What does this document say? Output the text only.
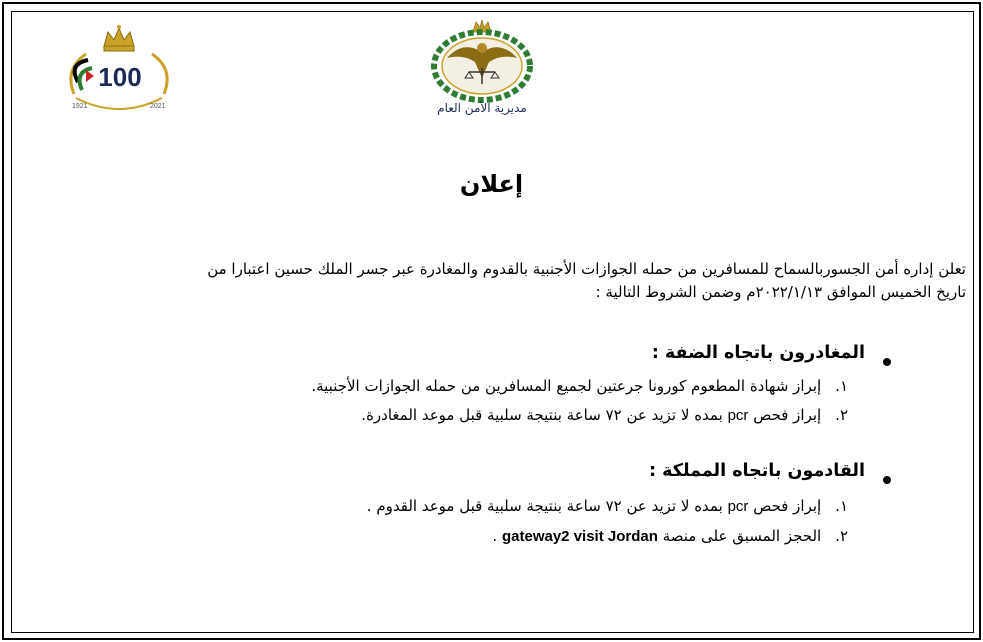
100
1921	2021	مديرية الأمن العام
إعلان

تعلن إداره أمن الجسوربالسماح للمسافرين من حمله الجوازات الأجنبية بالقدوم والمغادرة عبر جسر الملك حسين اعتبارا من

تاريخ الخميس الموافق ٢٠٢٢/١/١٣م وضمن الشروط التالية :

المغادرون باتجاه الضفة :
١. إبراز شهادة المطعوم كورونا جرعتين لجميع المسافرين من حمله الجوازات الأجنبية.
٢. إبراز فحص pcr بمده لا تزيد عن ٧٢ ساعة بنتيجة سلبية قبل موعد المغادرة.
القادمون باتجاه المملكة :
١. إبراز فحص pcr بمده لا تزيد عن ٧٢ ساعة بنتيجة سلبية قبل موعد القدوم .
٢. الحجز المسبق على منصة gateway2 visit Jordan .
